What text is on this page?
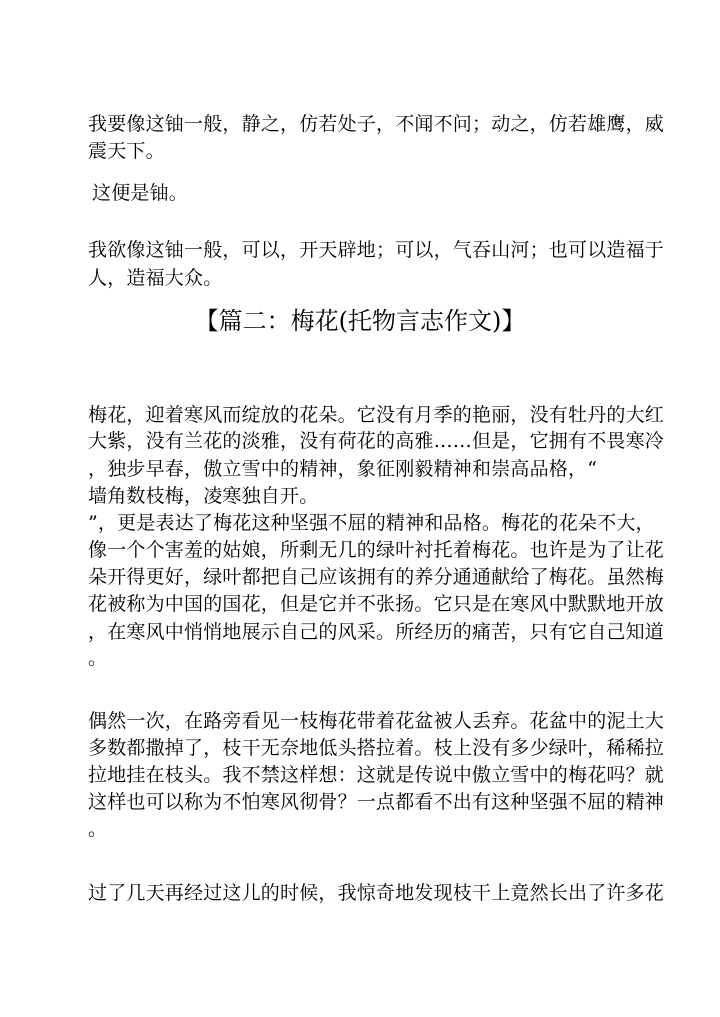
我要像这铀一般，静之，仿若处子，不闻不问；动之，仿若雄鹰，威
震天下。
这便是铀。
我欲像这铀一般，可以，开天辟地；可以，气吞山河；也可以造福于
人，造福大众。
【篇二：梅花(托物言志作文)】
梅花，迎着寒风而绽放的花朵。它没有月季的艳丽，没有牡丹的大红
大紫，没有兰花的淡雅，没有荷花的高雅……但是，它拥有不畏寒冷
，独步早春，傲立雪中的精神，象征刚毅精神和崇高品格，“
墙角数枝梅，凌寒独自开。
”，更是表达了梅花这种坚强不屈的精神和品格。梅花的花朵不大，
像一个个害羞的姑娘，所剩无几的绿叶衬托着梅花。也许是为了让花
朵开得更好，绿叶都把自己应该拥有的养分通通献给了梅花。虽然梅
花被称为中国的国花，但是它并不张扬。它只是在寒风中默默地开放
，在寒风中悄悄地展示自己的风采。所经历的痛苦，只有它自己知道
。
偶然一次，在路旁看见一枝梅花带着花盆被人丢弃。花盆中的泥土大
多数都撒掉了，枝干无奈地低头搭拉着。枝上没有多少绿叶，稀稀拉
拉地挂在枝头。我不禁这样想：这就是传说中傲立雪中的梅花吗？就
这样也可以称为不怕寒风彻骨？一点都看不出有这种坚强不屈的精神
。
过了几天再经过这儿的时候，我惊奇地发现枝干上竟然长出了许多花
